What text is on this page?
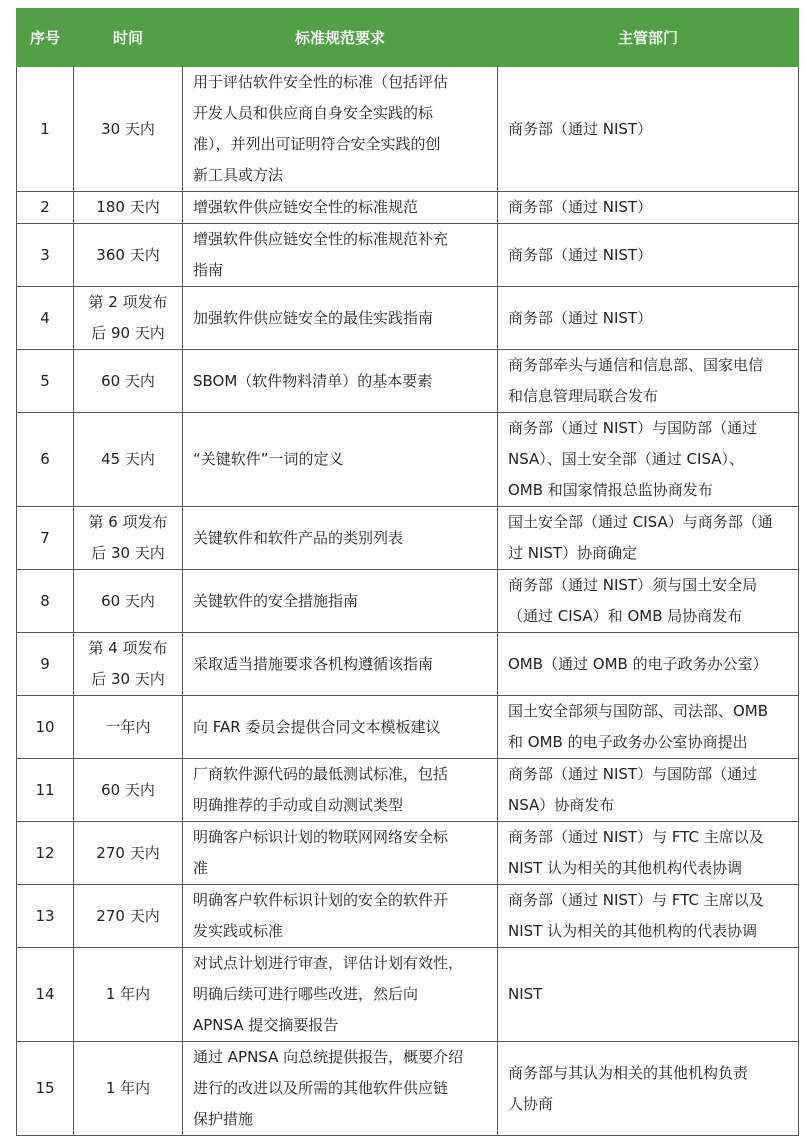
序号	时间	标准规范要求	主管部门

1	30 天内	用于评估软件安全性的标准（包括评估
开发人员和供应商自身安全实践的标
准），并列出可证明符合安全实践的创
新工具或方法	商务部（通过 NIST）

2	180 天内	增强软件供应链安全性的标准规范	商务部（通过 NIST）

3	360 天内	增强软件供应链安全性的标准规范补充
指南	商务部（通过 NIST）

4	第 2 项发布
后 90 天内	加强软件供应链安全的最佳实践指南	商务部（通过 NIST）

5	60 天内	SBOM（软件物料清单）的基本要素	商务部牵头与通信和信息部、国家电信
和信息管理局联合发布

6	45 天内	“关键软件”一词的定义	商务部（通过 NIST）与国防部（通过
NSA）、国土安全部（通过 CISA）、
OMB 和国家情报总监协商发布

7	第 6 项发布
后 30 天内	关键软件和软件产品的类别列表	国土安全部（通过 CISA）与商务部（通
过 NIST）协商确定

8	60 天内	关键软件的安全措施指南	商务部（通过 NIST）须与国土安全局
（通过 CISA）和 OMB 局协商发布

9	第 4 项发布
后 30 天内	采取适当措施要求各机构遵循该指南	OMB（通过 OMB 的电子政务办公室）

10	一年内	向 FAR 委员会提供合同文本模板建议	国土安全部须与国防部、司法部、OMB
和 OMB 的电子政务办公室协商提出

11	60 天内	厂商软件源代码的最低测试标准，包括
明确推荐的手动或自动测试类型	商务部（通过 NIST）与国防部（通过
NSA）协商发布

12	270 天内	明确客户标识计划的物联网网络安全标
准	商务部（通过 NIST）与 FTC 主席以及
NIST 认为相关的其他机构代表协调

13	270 天内	明确客户软件标识计划的安全的软件开
发实践或标准	商务部（通过 NIST）与 FTC 主席以及
NIST 认为相关的其他机构的代表协调

14	1 年内	对试点计划进行审查，评估计划有效性，
明确后续可进行哪些改进，然后向
APNSA 提交摘要报告	NIST

15	1 年内	通过 APNSA 向总统提供报告，概要介绍
进行的改进以及所需的其他软件供应链
保护措施	商务部与其认为相关的其他机构负责
人协商
